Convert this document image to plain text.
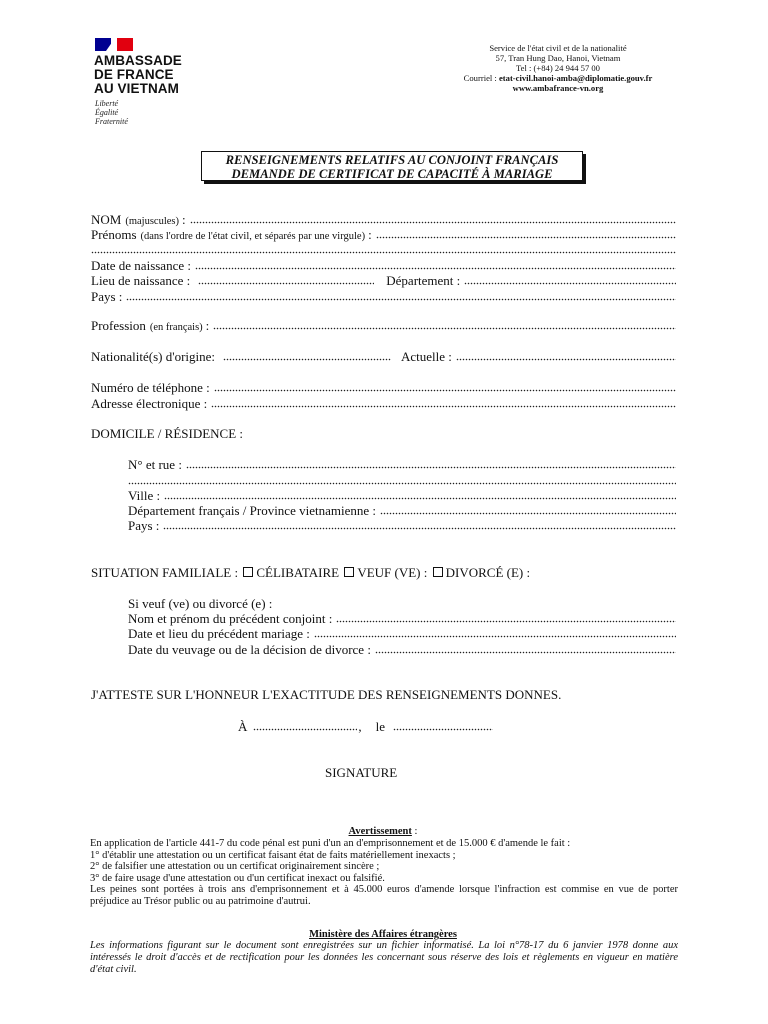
AMBASSADE
DE FRANCE
AU VIETNAM
Liberté
Égalité
Fraternité
Service de l'état civil et de la nationalité
57, Tran Hung Dao, Hanoi, Vietnam
Tel : (+84) 24 944 57 00
Courriel : etat-civil.hanoi-amba@diplomatie.gouv.fr
www.ambafrance-vn.org
RENSEIGNEMENTS RELATIFS AU CONJOINT FRANÇAIS
DEMANDE DE CERTIFICAT DE CAPACITÉ À MARIAGE
NOM (majuscules) :
Prénoms (dans l'ordre de l'état civil, et séparés par une virgule) :
Date de naissance :
Lieu de naissance :	Département :
Pays :
Profession (en français) :
Nationalité(s) d'origine:	Actuelle :
Numéro de téléphone :
Adresse électronique :
DOMICILE / RÉSIDENCE :
N° et rue :
Ville :
Département français / Province vietnamienne :
Pays :
SITUATION FAMILIALE : CÉLIBATAIRE VEUF (VE) : DIVORCÉ (E) :
Si veuf (ve) ou divorcé (e) :
Nom et prénom du précédent conjoint :
Date et lieu du précédent mariage :
Date du veuvage ou de la décision de divorce :
J'ATTESTE SUR L'HONNEUR L'EXACTITUDE DES RENSEIGNEMENTS DONNES.
À	, le
SIGNATURE
Avertissement :
En application de l'article 441-7 du code pénal est puni d'un an d'emprisonnement et de 15.000 € d'amende le fait :
1° d'établir une attestation ou un certificat faisant état de faits matériellement inexacts ;
2° de falsifier une attestation ou un certificat originairement sincère ;
3° de faire usage d'une attestation ou d'un certificat inexact ou falsifié.
Les peines sont portées à trois ans d'emprisonnement et à 45.000 euros d'amende lorsque l'infraction est commise en vue de porter préjudice au Trésor public ou au patrimoine d'autrui.
Ministère des Affaires étrangères
Les informations figurant sur le document sont enregistrées sur un fichier informatisé. La loi n°78-17 du 6 janvier 1978 donne aux intéressés le droit d'accès et de rectification pour les données les concernant sous réserve des lois et règlements en vigueur en matière d'état civil.
